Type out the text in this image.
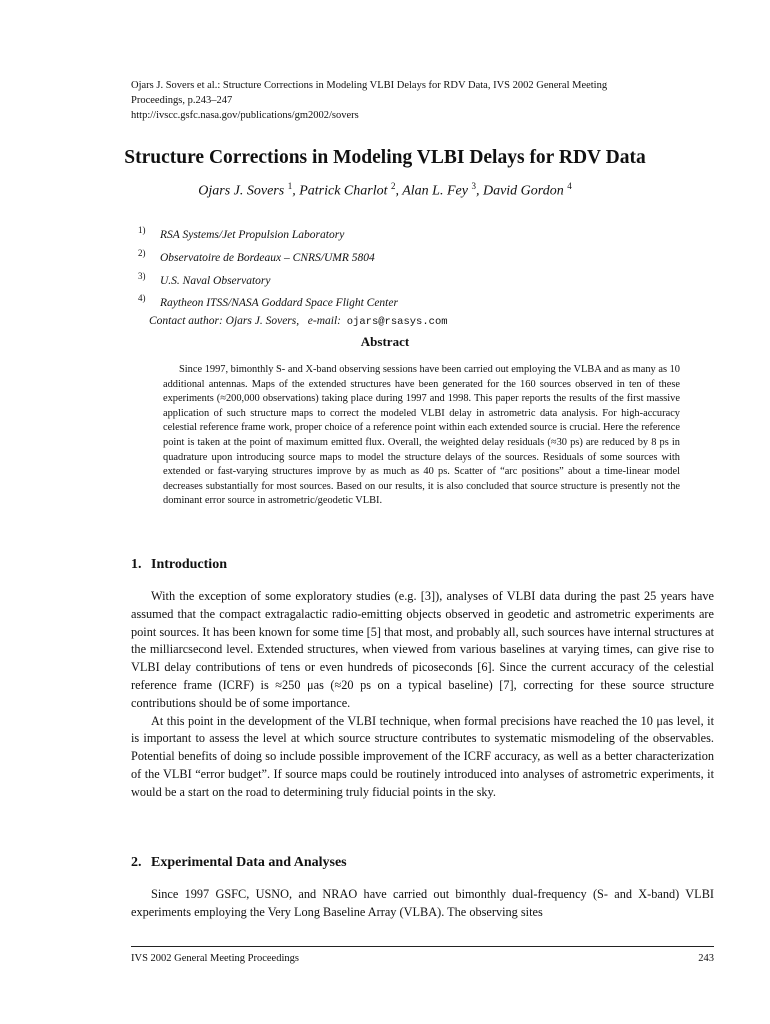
Ojars J. Sovers et al.: Structure Corrections in Modeling VLBI Delays for RDV Data, IVS 2002 General Meeting
Proceedings, p.243–247
http://ivscc.gsfc.nasa.gov/publications/gm2002/sovers
Structure Corrections in Modeling VLBI Delays for RDV Data
Ojars J. Sovers $^1$, Patrick Charlot $^2$, Alan L. Fey $^3$, David Gordon $^4$
1) RSA Systems/Jet Propulsion Laboratory
2) Observatoire de Bordeaux – CNRS/UMR 5804
3) U.S. Naval Observatory
4) Raytheon ITSS/NASA Goddard Space Flight Center
Contact author: Ojars J. Sovers, e-mail: ojars@rsasys.com
Abstract

Since 1997, bimonthly S- and X-band observing sessions have been carried out employing the VLBA and as many as 10 additional antennas. Maps of the extended structures have been generated for the 160 sources observed in ten of these experiments (≈200,000 observations) taking place during 1997 and 1998. This paper reports the results of the first massive application of such structure maps to correct the modeled VLBI delay in astrometric data analysis. For high-accuracy celestial reference frame work, proper choice of a reference point within each extended source is crucial. Here the reference point is taken at the point of maximum emitted flux. Overall, the weighted delay residuals (≈30 ps) are reduced by 8 ps in quadrature upon introducing source maps to model the structure delays of the sources. Residuals of some sources with extended or fast-varying structures improve by as much as 40 ps. Scatter of “arc positions” about a time-linear model decreases substantially for most sources. Based on our results, it is also concluded that source structure is presently not the dominant error source in astrometric/geodetic VLBI.

1. Introduction

With the exception of some exploratory studies (e.g. [3]), analyses of VLBI data during the past 25 years have assumed that the compact extragalactic radio-emitting objects observed in geodetic and astrometric experiments are point sources. It has been known for some time [5] that most, and probably all, such sources have internal structures at the milliarcsecond level. Extended structures, when viewed from various baselines at varying times, can give rise to VLBI delay contributions of tens or even hundreds of picoseconds [6]. Since the current accuracy of the celestial reference frame (ICRF) is ≈250 μas (≈20 ps on a typical baseline) [7], correcting for these source structure contributions should be of some importance.

At this point in the development of the VLBI technique, when formal precisions have reached the 10 μas level, it is important to assess the level at which source structure contributes to systematic mismodeling of the observables. Potential benefits of doing so include possible improvement of the ICRF accuracy, as well as a better characterization of the VLBI “error budget”. If source maps could be routinely introduced into analyses of astrometric experiments, it would be a start on the road to determining truly fiducial points in the sky.

2. Experimental Data and Analyses

Since 1997 GSFC, USNO, and NRAO have carried out bimonthly dual-frequency (S- and X-band) VLBI experiments employing the Very Long Baseline Array (VLBA). The observing sites

IVS 2002 General Meeting Proceedings	243
